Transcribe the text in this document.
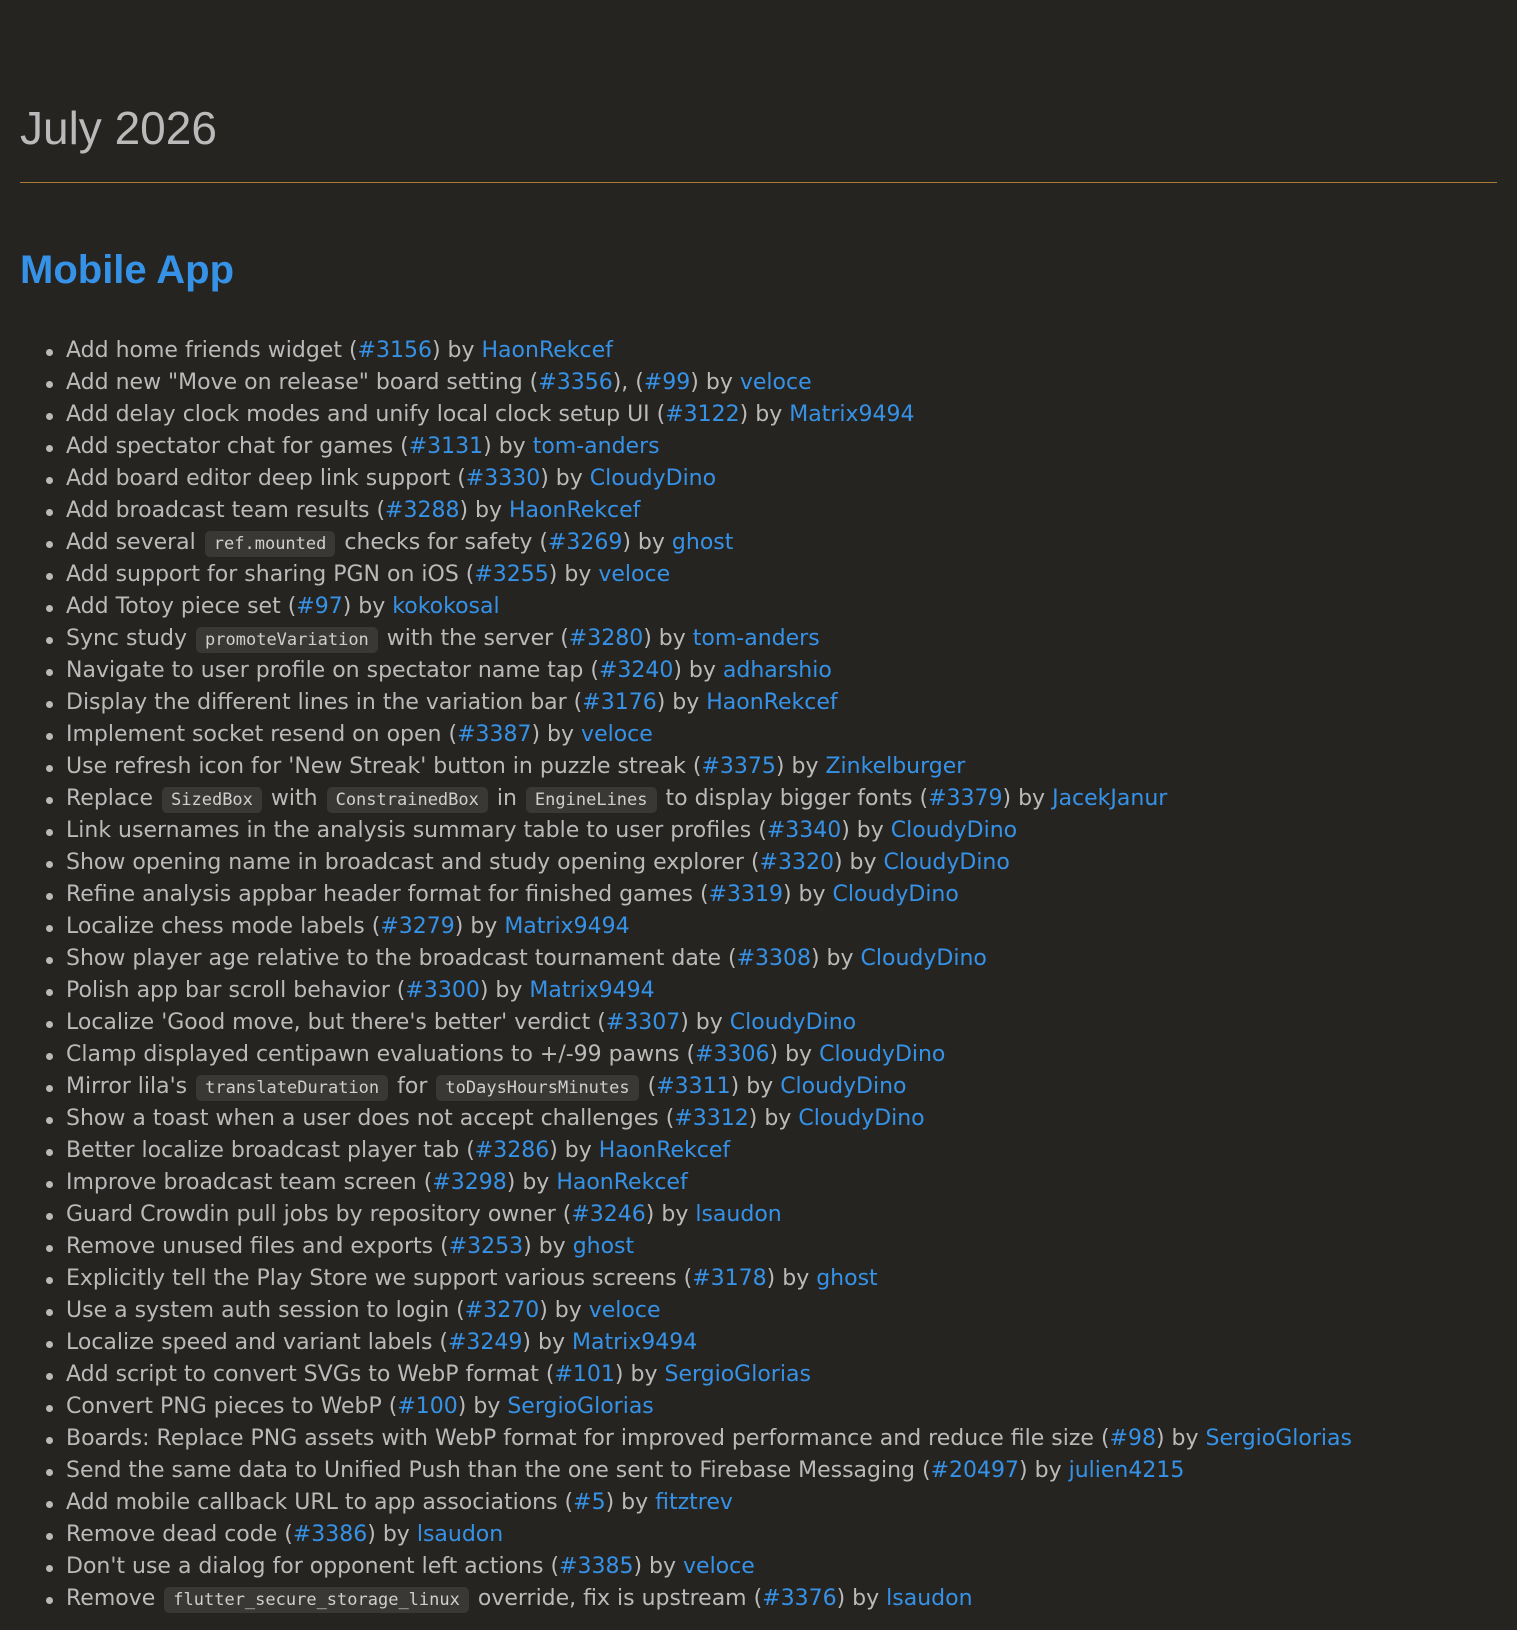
July 2026
Mobile App
Add home friends widget (#3156) by HaonRekcef
Add new "Move on release" board setting (#3356), (#99) by veloce
Add delay clock modes and unify local clock setup UI (#3122) by Matrix9494
Add spectator chat for games (#3131) by tom-anders
Add board editor deep link support (#3330) by CloudyDino
Add broadcast team results (#3288) by HaonRekcef
Add several ref.mounted checks for safety (#3269) by ghost
Add support for sharing PGN on iOS (#3255) by veloce
Add Totoy piece set (#97) by kokokosal
Sync study promoteVariation with the server (#3280) by tom-anders
Navigate to user profile on spectator name tap (#3240) by adharshio
Display the different lines in the variation bar (#3176) by HaonRekcef
Implement socket resend on open (#3387) by veloce
Use refresh icon for 'New Streak' button in puzzle streak (#3375) by Zinkelburger
Replace SizedBox with ConstrainedBox in EngineLines to display bigger fonts (#3379) by JacekJanur
Link usernames in the analysis summary table to user profiles (#3340) by CloudyDino
Show opening name in broadcast and study opening explorer (#3320) by CloudyDino
Refine analysis appbar header format for finished games (#3319) by CloudyDino
Localize chess mode labels (#3279) by Matrix9494
Show player age relative to the broadcast tournament date (#3308) by CloudyDino
Polish app bar scroll behavior (#3300) by Matrix9494
Localize 'Good move, but there's better' verdict (#3307) by CloudyDino
Clamp displayed centipawn evaluations to +/-99 pawns (#3306) by CloudyDino
Mirror lila's translateDuration for toDaysHoursMinutes (#3311) by CloudyDino
Show a toast when a user does not accept challenges (#3312) by CloudyDino
Better localize broadcast player tab (#3286) by HaonRekcef
Improve broadcast team screen (#3298) by HaonRekcef
Guard Crowdin pull jobs by repository owner (#3246) by lsaudon
Remove unused files and exports (#3253) by ghost
Explicitly tell the Play Store we support various screens (#3178) by ghost
Use a system auth session to login (#3270) by veloce
Localize speed and variant labels (#3249) by Matrix9494
Add script to convert SVGs to WebP format (#101) by SergioGlorias
Convert PNG pieces to WebP (#100) by SergioGlorias
Boards: Replace PNG assets with WebP format for improved performance and reduce file size (#98) by SergioGlorias
Send the same data to Unified Push than the one sent to Firebase Messaging (#20497) by julien4215
Add mobile callback URL to app associations (#5) by fitztrev
Remove dead code (#3386) by lsaudon
Don't use a dialog for opponent left actions (#3385) by veloce
Remove flutter_secure_storage_linux override, fix is upstream (#3376) by lsaudon
